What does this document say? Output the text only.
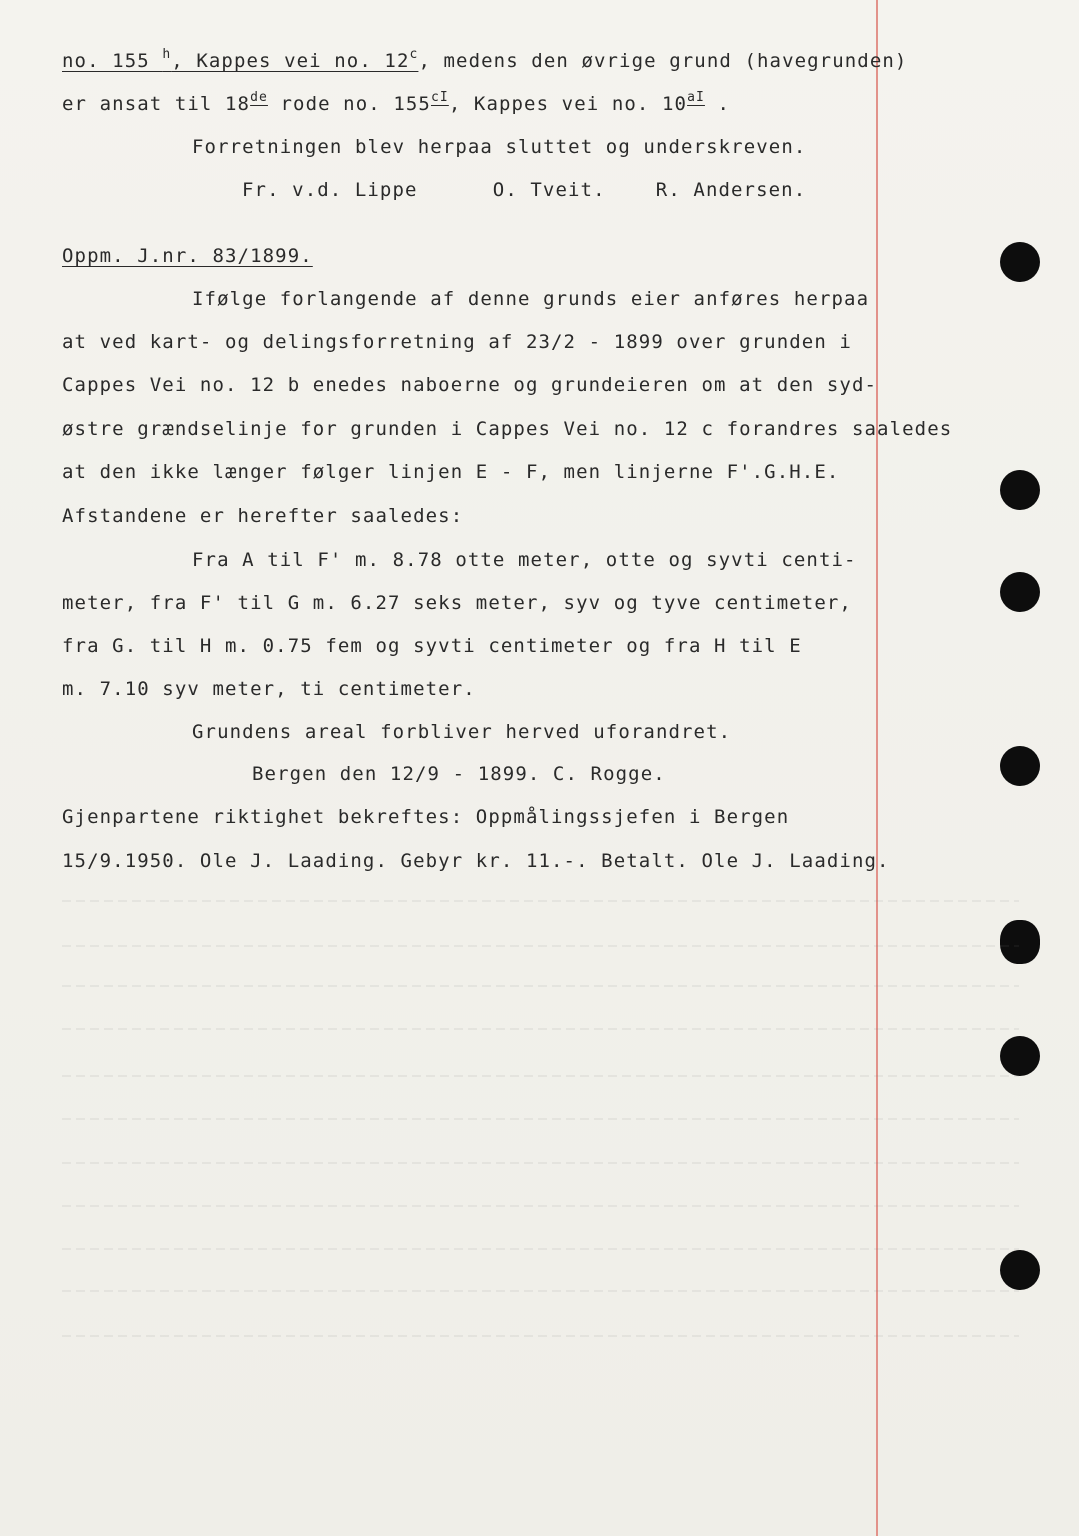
no. 155 $^h$, Kappes vei no. 12$^c$, medens den øvrige grund (havegrunden)
er ansat til 18de rode no. $155^{cI}$, Kappes vei no. $10^{aI}$ .
Forretningen blev herpaa sluttet og underskreven.
Fr. v.d. Lippe      O. Tveit.    R. Andersen.
Oppm. J.nr. 83/1899.
Ifølge forlangende af denne grunds eier anføres herpaa
at ved kart- og delingsforretning af 23/2 - 1899 over grunden i
Cappes Vei no. 12 b enedes naboerne og grundeieren om at den syd-
østre grændselinje for grunden i Cappes Vei no. 12 c forandres saaledes
at den ikke længer følger linjen E - F, men linjerne F'.G.H.E.
Afstandene er herefter saaledes:
Fra A til F' m. 8.78 otte meter, otte og syvti centi-
meter, fra F' til G m. 6.27 seks meter, syv og tyve centimeter,
fra G. til H m. 0.75 fem og syvti centimeter og fra H til E
m. 7.10 syv meter, ti centimeter.
Grundens areal forbliver herved uforandret.
Bergen den 12/9 - 1899. C. Rogge.
Gjenpartene riktighet bekreftes: Oppmålingssjefen i Bergen
15/9.1950. Ole J. Laading. Gebyr kr. 11.-. Betalt. Ole J. Laading.
